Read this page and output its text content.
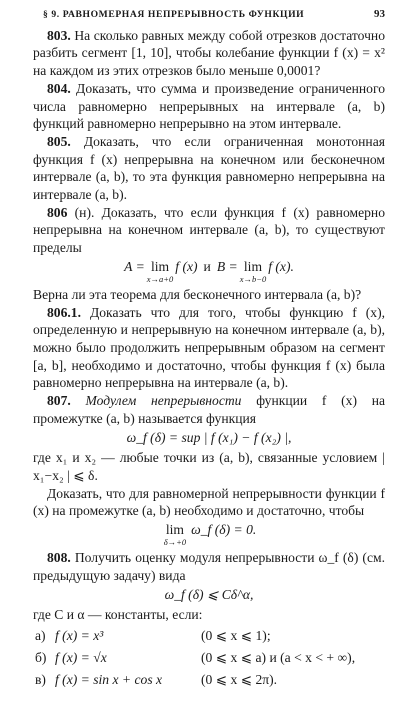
§ 9. РАВНОМЕРНАЯ НЕПРЕРЫВНОСТЬ ФУНКЦИИ	93

803. На сколько равных между собой отрезков достаточно разбить сегмент [1, 10], чтобы колебание функции f (x) = x² на каждом из этих отрезков было меньше 0,0001?

804. Доказать, что сумма и произведение ограниченного числа равномерно непрерывных на интервале (a, b) функций равномерно непрерывно на этом интервале.

805. Доказать, что если ограниченная монотонная функция f (x) непрерывна на конечном или бесконечном интервале (a, b), то эта функция равномерно непрерывна на интервале (a, b).

806 (н). Доказать, что если функция f (x) равномерно непрерывна на конечном интервале (a, b), то существуют пределы

A = lim
x→a+0
f (x) и B = lim
x→b−0
f (x).

Верна ли эта теорема для бесконечного интервала (a, b)?

806.1. Доказать что для того, чтобы функцию f (x), определенную и непрерывную на конечном интервале (a, b), можно было продолжить непрерывным образом на сегмент [a, b], необходимо и достаточно, чтобы функция f (x) была равномерно непрерывна на интервале (a, b).

807. Модулем непрерывности функции f (x) на промежутке (a, b) называется функция

ω_f (δ) = sup | f (x₁) − f (x₂) |,

где x₁ и x₂ — любые точки из (a, b), связанные условием | x₁−x₂ | ⩽ δ.

Доказать, что для равномерной непрерывности функции f (x) на промежутке (a, b) необходимо и достаточно, чтобы

lim
δ→+0
ω_f (δ) = 0.

808. Получить оценку модуля непрерывности ω_f (δ) (см. предыдущую задачу) вида

ω_f (δ) ⩽ Cδ^α,

где C и α — константы, если:

а) f (x) = x³	(0 ⩽ x ⩽ 1);
б) f (x) = √x	(0 ⩽ x ⩽ a) и (a < x < + ∞),
в) f (x) = sin x + cos x	(0 ⩽ x ⩽ 2π).
